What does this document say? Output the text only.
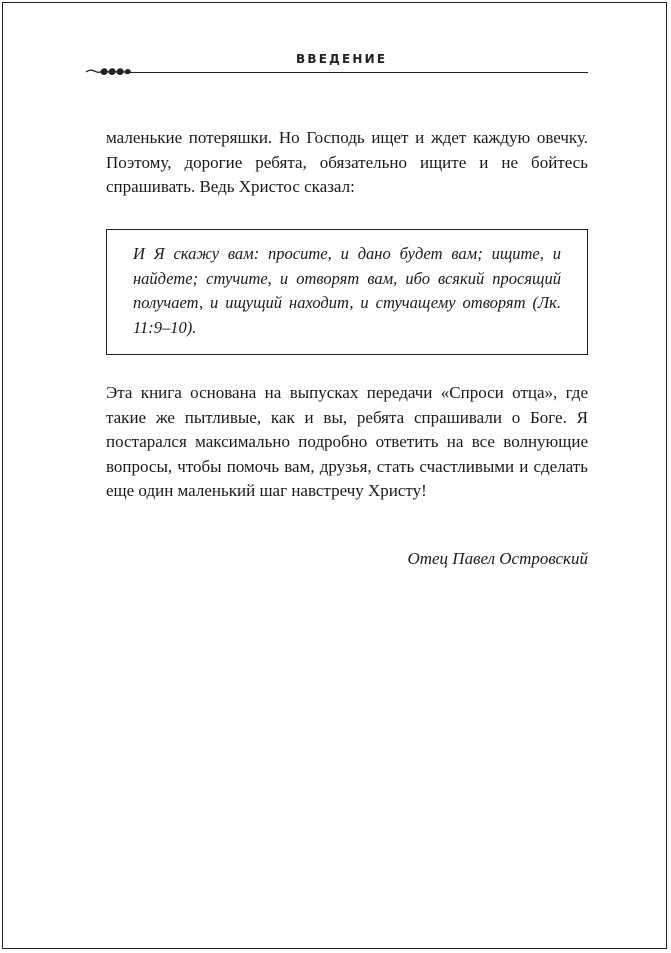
ВВЕДЕНИЕ

маленькие потеряшки. Но Господь ищет и ждет каждую овечку. Поэтому, дорогие ребята, обязательно ищите и не бойтесь спрашивать. Ведь Христос сказал:

И Я скажу вам: просите, и дано будет вам; ищите, и найдете; стучите, и отворят вам, ибо всякий просящий получает, и ищущий находит, и стучащему отворят (Лк. 11:9–10).

Эта книга основана на выпусках передачи «Спроси отца», где такие же пытливые, как и вы, ребята спрашивали о Боге. Я постарался максимально подробно ответить на все волнующие вопросы, чтобы помочь вам, друзья, стать счастливыми и сделать еще один маленький шаг навстречу Христу!

Отец Павел Островский
